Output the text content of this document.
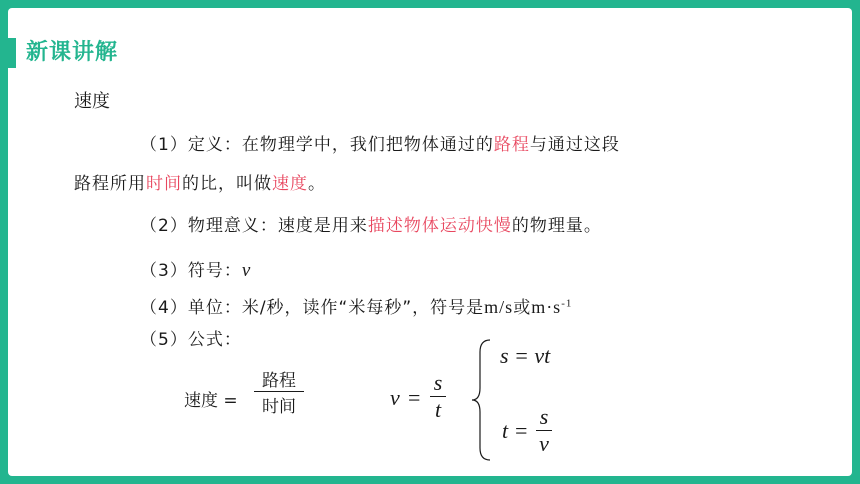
新课讲解
速度
（1）定义：在物理学中，我们把物体通过的路程与通过这段
路程所用时间的比，叫做速度。
（2）物理意义：速度是用来描述物体运动快慢的物理量。
（3）符号：v
（4）单位：米/秒，读作“米每秒”，符号是m/s或$m\cdot s^{-1}$
（5）公式：
速度 =
路程
时间	v =
s
t
s = vt
t =
s
v
